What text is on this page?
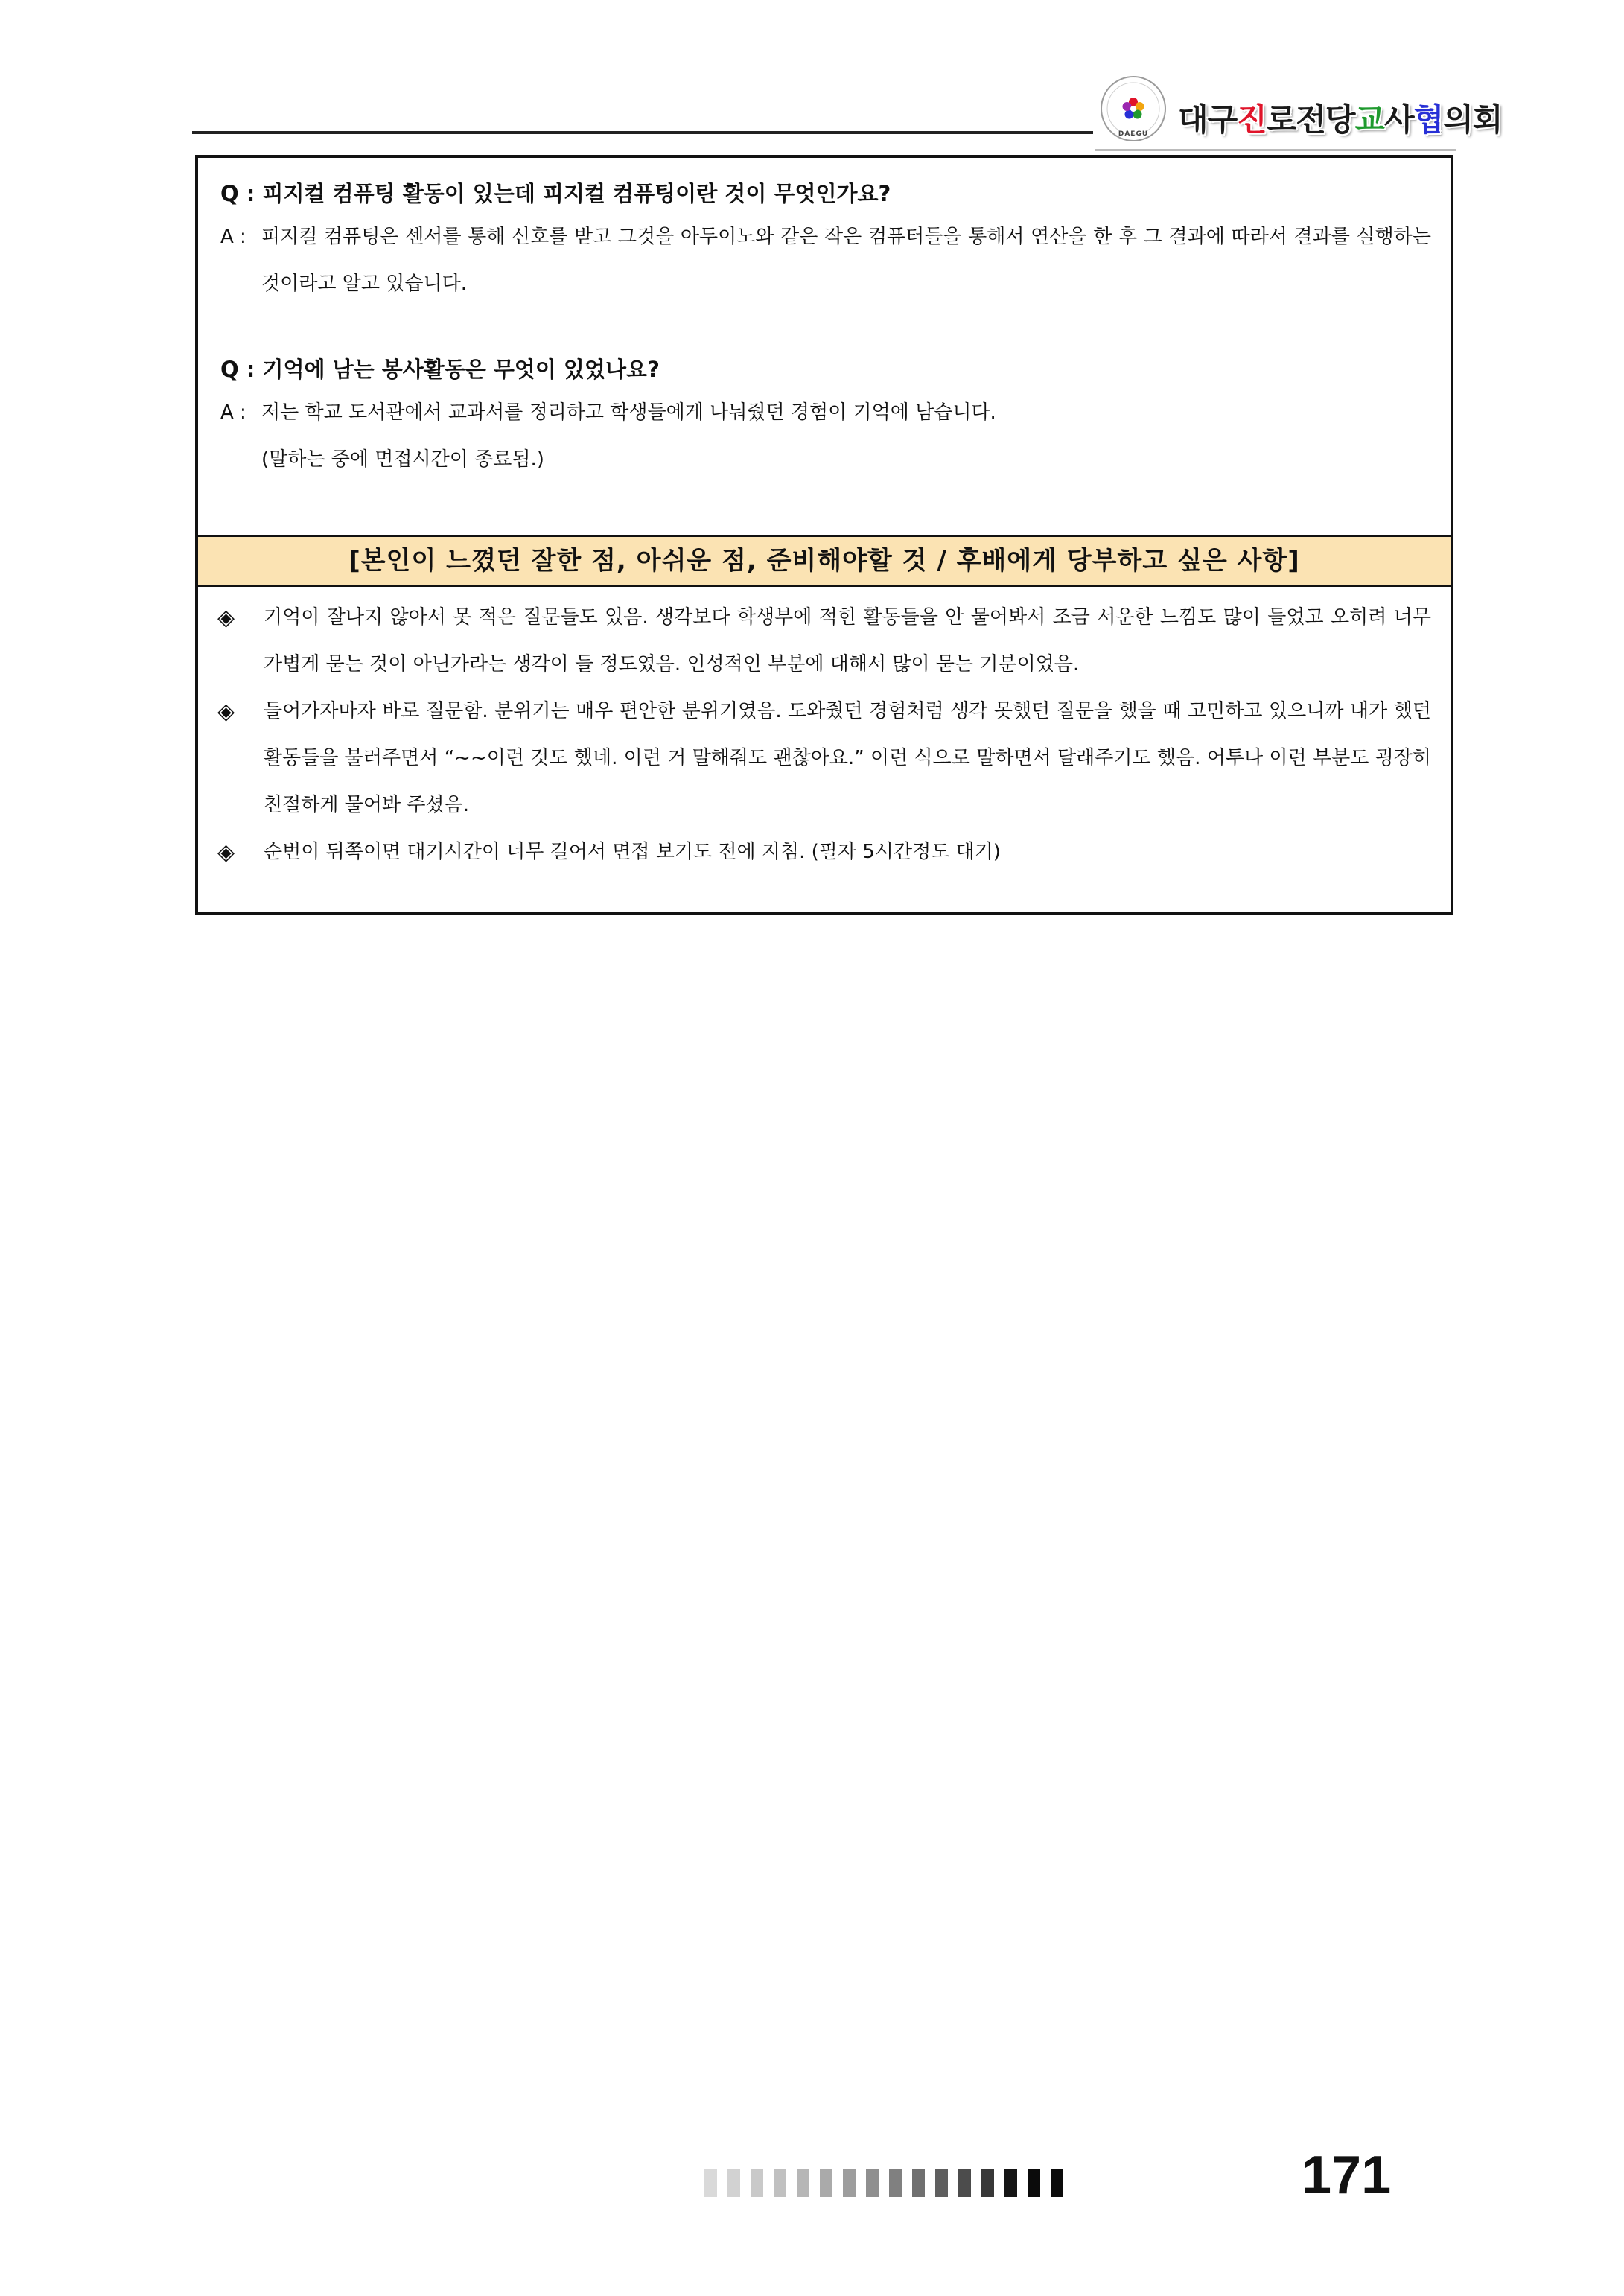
DAEGU 대구진로전당교사협의회
Q : 피지컬 컴퓨팅 활동이 있는데 피지컬 컴퓨팅이란 것이 무엇인가요?
A : 피지컬 컴퓨팅은 센서를 통해 신호를 받고 그것을 아두이노와 같은 작은 컴퓨터들을 통해서 연산을 한 후 그 결과에 따라서 결과를 실행하는 것이라고 알고 있습니다.
Q : 기억에 남는 봉사활동은 무엇이 있었나요?
A : 저는 학교 도서관에서 교과서를 정리하고 학생들에게 나눠줬던 경험이 기억에 남습니다.
(말하는 중에 면접시간이 종료됨.)
[본인이 느꼈던 잘한 점, 아쉬운 점, 준비해야할 것 / 후배에게 당부하고 싶은 사항]
◈ 기억이 잘나지 않아서 못 적은 질문들도 있음. 생각보다 학생부에 적힌 활동들을 안 물어봐서 조금 서운한 느낌도 많이 들었고 오히려 너무 가볍게 묻는 것이 아닌가라는 생각이 들 정도였음. 인성적인 부분에 대해서 많이 묻는 기분이었음.
◈ 들어가자마자 바로 질문함. 분위기는 매우 편안한 분위기였음. 도와줬던 경험처럼 생각 못했던 질문을 했을 때 고민하고 있으니까 내가 했던 활동들을 불러주면서 “~~이런 것도 했네. 이런 거 말해줘도 괜찮아요.” 이런 식으로 말하면서 달래주기도 했음. 어투나 이런 부분도 굉장히 친절하게 물어봐 주셨음.
◈ 순번이 뒤쪽이면 대기시간이 너무 길어서 면접 보기도 전에 지침. (필자 5시간정도 대기)
171
